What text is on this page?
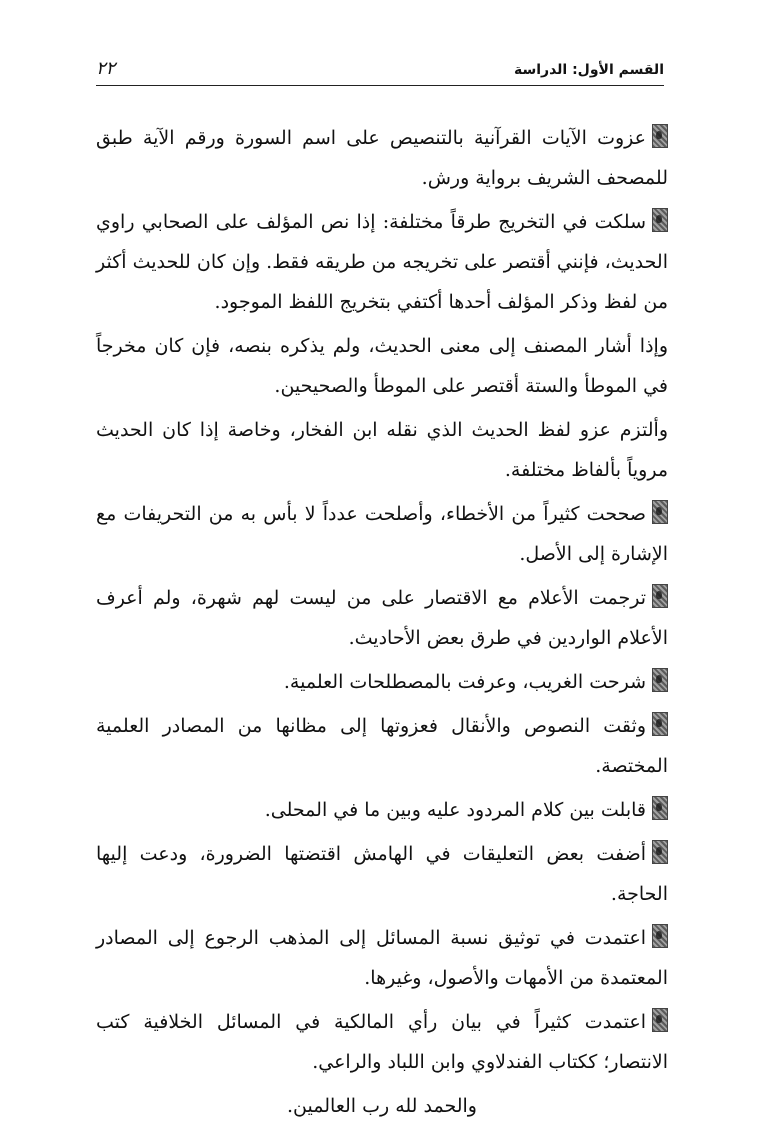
٢٢	القسم الأول: الدراسة

عزوت الآيات القرآنية بالتنصيص على اسم السورة ورقم الآية طبق للمصحف الشريف برواية ورش.

سلكت في التخريج طرقاً مختلفة: إذا نص المؤلف على الصحابي راوي الحديث، فإنني أقتصر على تخريجه من طريقه فقط. وإن كان للحديث أكثر من لفظ وذكر المؤلف أحدها أكتفي بتخريج اللفظ الموجود.

وإذا أشار المصنف إلى معنى الحديث، ولم يذكره بنصه، فإن كان مخرجاً في الموطأ والستة أقتصر على الموطأ والصحيحين.

وألتزم عزو لفظ الحديث الذي نقله ابن الفخار، وخاصة إذا كان الحديث مروياً بألفاظ مختلفة.

صححت كثيراً من الأخطاء، وأصلحت عدداً لا بأس به من التحريفات مع الإشارة إلى الأصل.

ترجمت الأعلام مع الاقتصار على من ليست لهم شهرة، ولم أعرف الأعلام الواردين في طرق بعض الأحاديث.

شرحت الغريب، وعرفت بالمصطلحات العلمية.

وثقت النصوص والأنقال فعزوتها إلى مظانها من المصادر العلمية المختصة.

قابلت بين كلام المردود عليه وبين ما في المحلى.

أضفت بعض التعليقات في الهامش اقتضتها الضرورة، ودعت إليها الحاجة.

اعتمدت في توثيق نسبة المسائل إلى المذهب الرجوع إلى المصادر المعتمدة من الأمهات والأصول، وغيرها.

اعتمدت كثيراً في بيان رأي المالكية في المسائل الخلافية كتب الانتصار؛ ككتاب الفندلاوي وابن اللباد والراعي.

والحمد لله رب العالمين.
